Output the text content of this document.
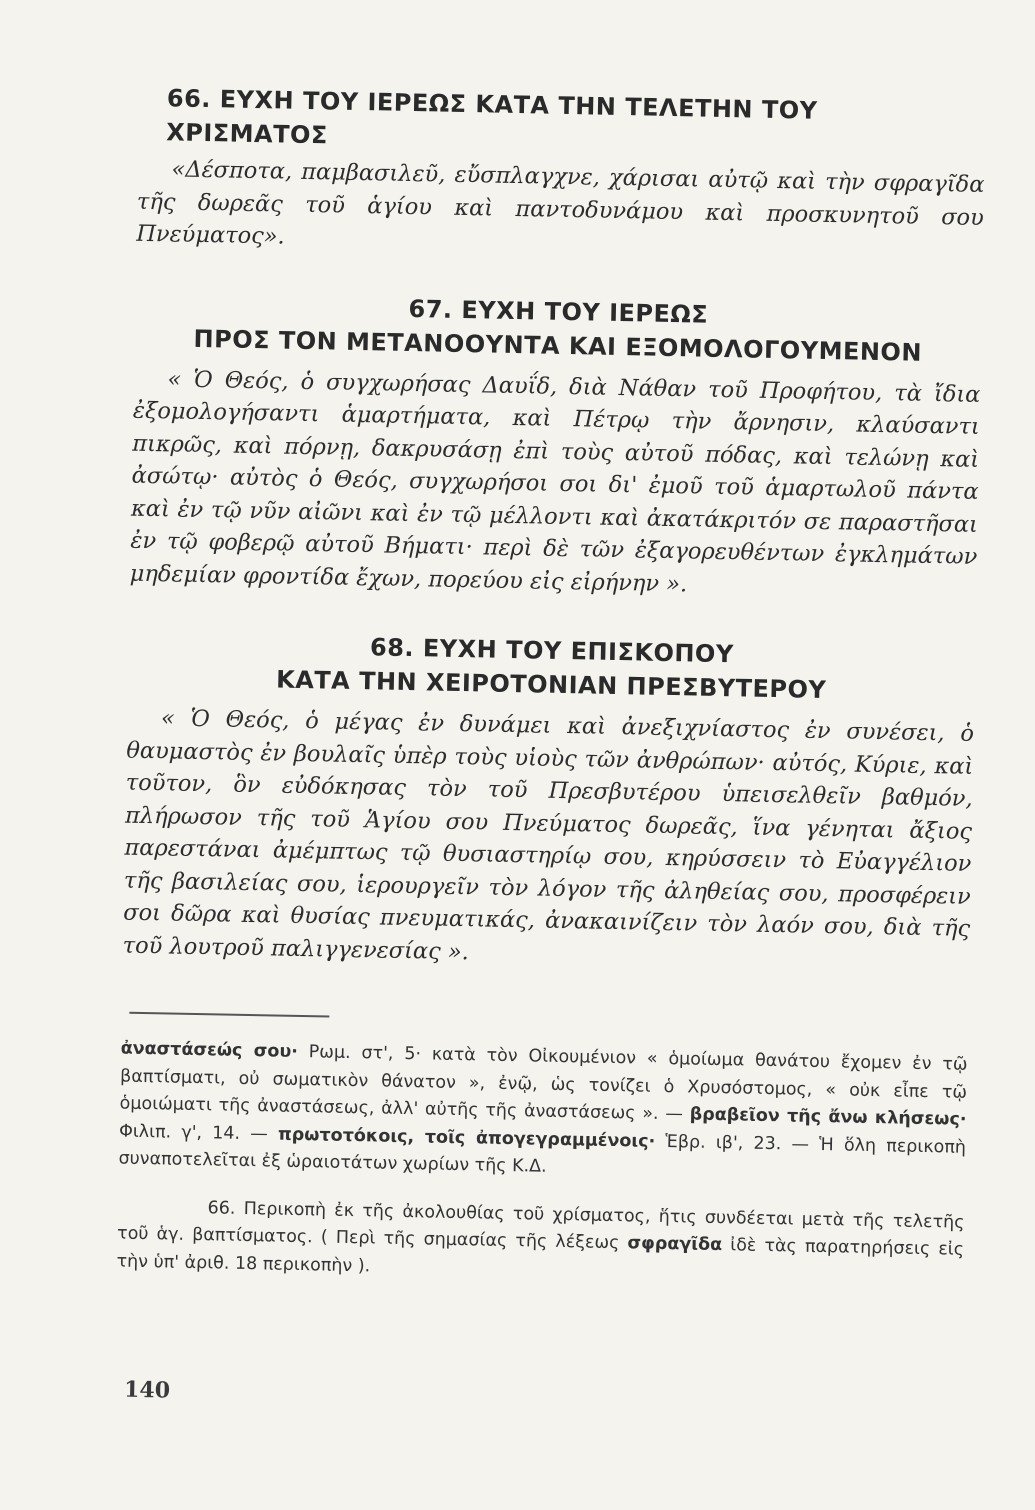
66. ΕΥΧΗ ΤΟΥ ΙΕΡΕΩΣ ΚΑΤΑ ΤΗΝ ΤΕΛΕΤΗΝ ΤΟΥ ΧΡΙΣΜΑΤΟΣ

«Δέσποτα, παμβασιλεῦ, εὔσπλαγχνε, χάρισαι αὐτῷ καὶ τὴν σφραγῖδα τῆς δωρεᾶς τοῦ ἁγίου καὶ παντοδυνάμου καὶ προσκυνητοῦ σου Πνεύματος».

67. ΕΥΧΗ ΤΟΥ ΙΕΡΕΩΣ
ΠΡΟΣ ΤΟΝ ΜΕΤΑΝΟΟΥΝΤΑ ΚΑΙ ΕΞΟΜΟΛΟΓΟΥΜΕΝΟΝ

« Ὁ Θεός, ὁ συγχωρήσας Δαυΐδ, διὰ Νάθαν τοῦ Προφήτου, τὰ ἴδια ἐξομολογήσαντι ἁμαρτήματα, καὶ Πέτρῳ τὴν ἄρνησιν, κλαύσαντι πικρῶς, καὶ πόρνῃ, δακρυσάσῃ ἐπὶ τοὺς αὐτοῦ πόδας, καὶ τελώνῃ καὶ ἀσώτῳ· αὐτὸς ὁ Θεός, συγχωρήσοι σοι δι' ἐμοῦ τοῦ ἁμαρτωλοῦ πάντα καὶ ἐν τῷ νῦν αἰῶνι καὶ ἐν τῷ μέλλοντι καὶ ἀκατάκριτόν σε παραστῆσαι ἐν τῷ φοβερῷ αὐτοῦ Βήματι· περὶ δὲ τῶν ἐξαγορευθέντων ἐγκλημάτων μηδεμίαν φροντίδα ἔχων, πορεύου εἰς εἰρήνην ».

68. ΕΥΧΗ ΤΟΥ ΕΠΙΣΚΟΠΟΥ
ΚΑΤΑ ΤΗΝ ΧΕΙΡΟΤΟΝΙΑΝ ΠΡΕΣΒΥΤΕΡΟΥ

« Ὁ Θεός, ὁ μέγας ἐν δυνάμει καὶ ἀνεξιχνίαστος ἐν συνέσει, ὁ θαυμαστὸς ἐν βουλαῖς ὑπὲρ τοὺς υἱοὺς τῶν ἀνθρώπων· αὐτός, Κύριε, καὶ τοῦτον, ὃν εὐδόκησας τὸν τοῦ Πρεσβυτέρου ὑπεισελθεῖν βαθμόν, πλήρωσον τῆς τοῦ Ἁγίου σου Πνεύματος δωρεᾶς, ἵνα γένηται ἄξιος παρεστάναι ἀμέμπτως τῷ θυσιαστηρίῳ σου, κηρύσσειν τὸ Εὐαγγέλιον τῆς βασιλείας σου, ἱερουργεῖν τὸν λόγον τῆς ἀληθείας σου, προσφέρειν σοι δῶρα καὶ θυσίας πνευματικάς, ἀνακαινίζειν τὸν λαόν σου, διὰ τῆς τοῦ λουτροῦ παλιγγενεσίας ».

ἀναστάσεώς σου· Ρωμ. στ', 5· κατὰ τὸν Οἰκουμένιον « ὁμοίωμα θανάτου ἔχομεν ἐν τῷ βαπτίσματι, οὐ σωματικὸν θάνατον », ἐνῷ, ὡς τονίζει ὁ Χρυσόστομος, « οὐκ εἶπε τῷ ὁμοιώματι τῆς ἀναστάσεως, ἀλλ' αὐτῆς τῆς ἀναστάσεως ». — βραβεῖον τῆς ἄνω κλήσεως· Φιλιπ. γ', 14. — πρωτοτόκοις, τοῖς ἀπογεγραμμένοις· Ἑβρ. ιβ', 23. — Ἡ ὅλη περικοπὴ συναποτελεῖται ἐξ ὡραιοτάτων χωρίων τῆς Κ.Δ.

66. Περικοπὴ ἐκ τῆς ἀκολουθίας τοῦ χρίσματος, ἥτις συνδέεται μετὰ τῆς τελετῆς τοῦ ἁγ. βαπτίσματος. ( Περὶ τῆς σημασίας τῆς λέξεως σφραγῖδα ἰδὲ τὰς παρατηρήσεις εἰς τὴν ὑπ' ἀριθ. 18 περικοπὴν ).

140
